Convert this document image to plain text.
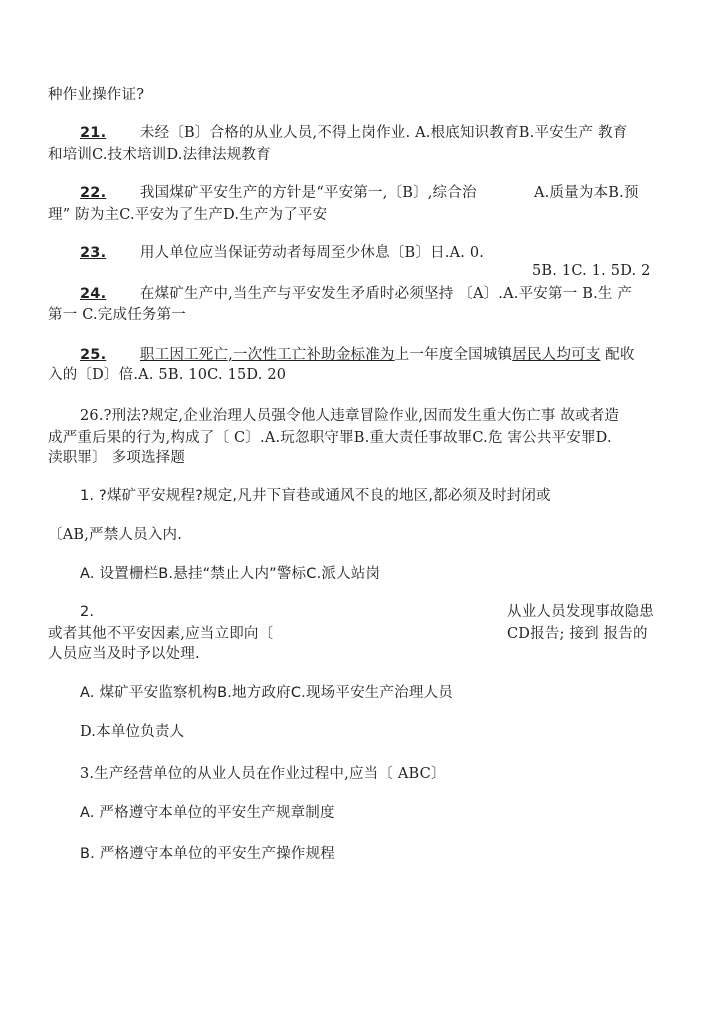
种作业操作证?
21. 未经〔B〕合格的从业人员,不得上岗作业. A.根底知识教育B.平安生产 教育
和培训C.技术培训D.法律法规教育
22. 我国煤矿平安生产的方针是“平安第一,〔B〕,综合治	A.质量为本B.预
理” 防为主C.平安为了生产D.生产为了平安
23. 用人单位应当保证劳动者每周至少休息〔B〕日.A. 0.
5B. 1C. 1. 5D. 2
24. 在煤矿生产中,当生产与平安发生矛盾时必须坚持 〔A〕.A.平安第一 B.生 产
第一 C.完成任务第一
25. 职工因工死亡,一次性工亡补助金标准为上一年度全国城镇居民人均可支 配收
入的〔D〕倍.A. 5B. 10C. 15D. 20
26.?刑法?规定,企业治理人员强令他人违章冒险作业,因而发生重大伤亡事 故或者造
成严重后果的行为,构成了〔 C〕.A.玩忽职守罪B.重大责任事故罪C.危 害公共平安罪D.
渎职罪〕 多项选择题
1. ?煤矿平安规程?规定,凡井下盲巷或通风不良的地区,都必须及时封闭或
〔AB,严禁人员入内.
A. 设置栅栏B.悬挂“禁止人内”警标C.派人站岗
2.	从业人员发现事故隐患
或者其他不平安因素,应当立即向〔	CD报告; 接到 报告的
人员应当及时予以处理.
A. 煤矿平安监察机构B.地方政府C.现场平安生产治理人员
D.本单位负责人
3.生产经营单位的从业人员在作业过程中,应当〔 ABC〕
A. 严格遵守本单位的平安生产规章制度
B. 严格遵守本单位的平安生产操作规程
